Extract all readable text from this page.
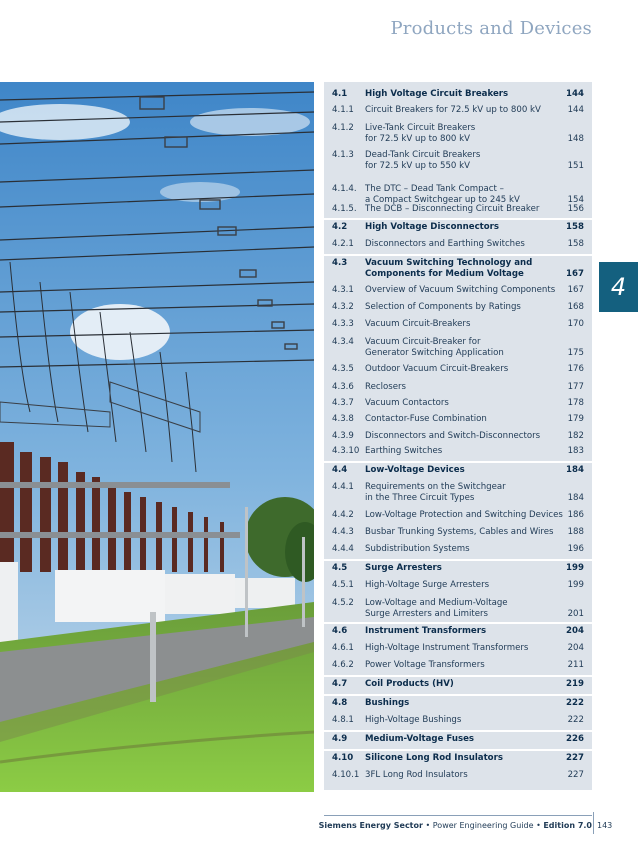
Products and Devices
4.1 High Voltage Circuit Breakers	144
4.1.1 Circuit Breakers for 72.5 kV up to 800 kV	144
4.1.2 Live-Tank Circuit Breakers
for 72.5 kV up to 800 kV	148
4.1.3 Dead-Tank Circuit Breakers
for 72.5 kV up to 550 kV	151
4.1.4. The DTC – Dead Tank Compact –
a Compact Switchgear up to 245 kV	154
4.1.5. The DCB – Disconnecting Circuit Breaker	156
4.2 High Voltage Disconnectors	158
4.2.1 Disconnectors and Earthing Switches	158
4.3 Vacuum Switching Technology and
Components for Medium Voltage	167
4.3.1 Overview of Vacuum Switching Components	167
4.3.2 Selection of Components by Ratings	168
4.3.3 Vacuum Circuit-Breakers	170
4.3.4 Vacuum Circuit-Breaker for
Generator Switching Application	175
4.3.5 Outdoor Vacuum Circuit-Breakers	176
4.3.6 Reclosers	177
4.3.7 Vacuum Contactors	178
4.3.8 Contactor-Fuse Combination	179
4.3.9 Disconnectors and Switch-Disconnectors	182
4.3.10 Earthing Switches	183
4.4 Low-Voltage Devices	184
4.4.1 Requirements on the Switchgear
in the Three Circuit Types	184
4.4.2 Low-Voltage Protection and Switching Devices 186
4.4.3 Busbar Trunking Systems, Cables and Wires	188
4.4.4 Subdistribution Systems	196
4.5 Surge Arresters	199
4.5.1 High-Voltage Surge Arresters	199
4.5.2 Low-Voltage and Medium-Voltage
Surge Arresters and Limiters	201
4.6 Instrument Transformers	204
4.6.1 High-Voltage Instrument Transformers	204
4.6.2 Power Voltage Transformers	211
4.7 Coil Products (HV)	219
4.8 Bushings	222
4.8.1 High-Voltage Bushings	222
4.9 Medium-Voltage Fuses	226
4.10 Silicone Long Rod Insulators	227
4.10.1 3FL Long Rod Insulators	227
4
Siemens Energy Sector • Power Engineering Guide • Edition 7.0 143
